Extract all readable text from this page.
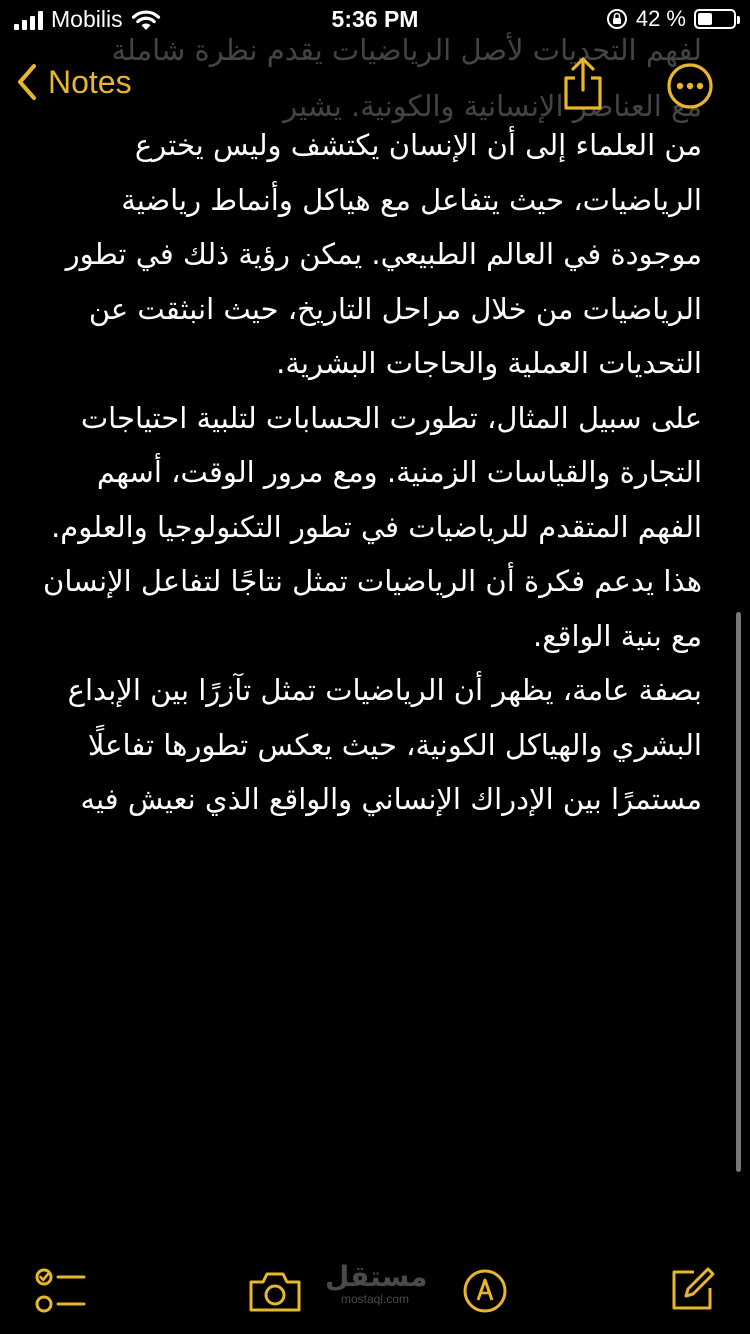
لفهم التحديات لأصل الرياضيات يقدم نظرة شاملة
مع العناصر الإنسانية والكونية. يشير
Mobilis	5:36 PM	42 %
Notes

من العلماء إلى أن الإنسان يكتشف وليس يخترع الرياضيات، حيث يتفاعل مع هياكل وأنماط رياضية موجودة في العالم الطبيعي. يمكن رؤية ذلك في تطور الرياضيات من خلال مراحل التاريخ، حيث انبثقت عن التحديات العملية والحاجات البشرية.

على سبيل المثال، تطورت الحسابات لتلبية احتياجات التجارة والقياسات الزمنية. ومع مرور الوقت، أسهم الفهم المتقدم للرياضيات في تطور التكنولوجيا والعلوم. هذا يدعم فكرة أن الرياضيات تمثل نتاجًا لتفاعل الإنسان مع بنية الواقع.

بصفة عامة، يظهر أن الرياضيات تمثل تآزرًا بين الإبداع البشري والهياكل الكونية، حيث يعكس تطورها تفاعلًا مستمرًا بين الإدراك الإنساني والواقع الذي نعيش فيه

مستقل
mostaql.com
